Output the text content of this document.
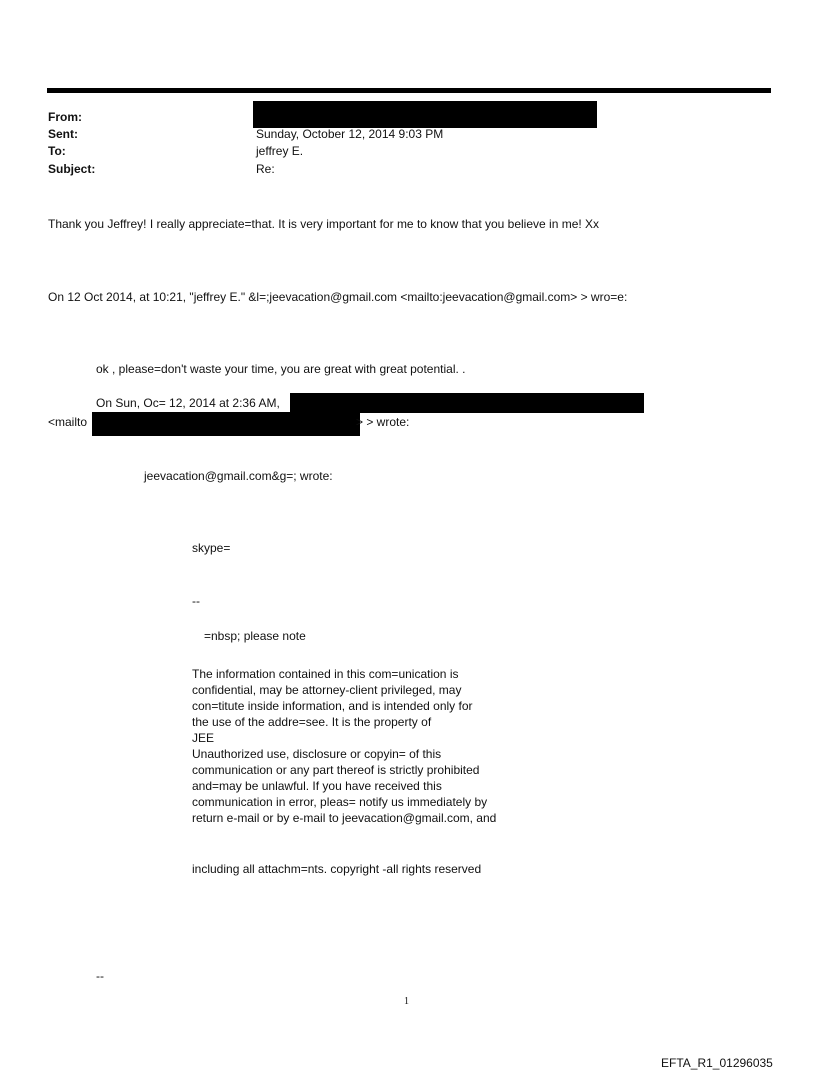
From:
Sent:	Sunday, October 12, 2014 9:03 PM
To:	jeffrey E.
Subject:	Re:
Thank you Jeffrey! I really appreciate=that. It is very important for me to know that you believe in me! Xx
On 12 Oct 2014, at 10:21, "jeffrey E." &l=;jeevacation@gmail.com <mailto:jeevacation@gmail.com> > wro=e:
ok , please=don't waste your time, you are great with great potential. .
On Sun, Oc= 12, 2014 at 2:36 AM,
<mailto	> > wrote:
jeevacation@gmail.com&g=; wrote:
skype=
--
=nbsp; please note
The information contained in this com=unication is
confidential, may be attorney-client privileged, may
con=titute inside information, and is intended only for
the use of the addre=see. It is the property of
JEE
Unauthorized use, disclosure or copyin= of this
communication or any part thereof is strictly prohibited
and=may be unlawful. If you have received this
communication in error, pleas= notify us immediately by
return e-mail or by e-mail to jeevacation@gmail.com, and
including all attachm=nts. copyright -all rights reserved
--
1
EFTA_R1_01296035
